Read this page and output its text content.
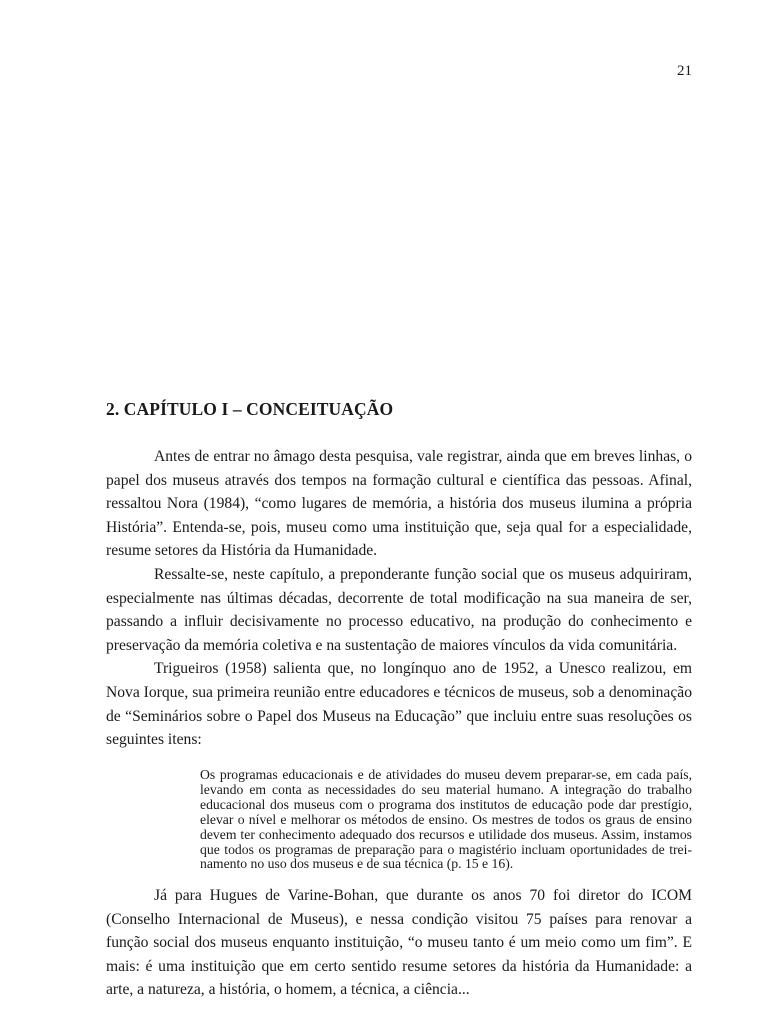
21
2. CAPÍTULO I – CONCEITUAÇÃO

Antes de entrar no âmago desta pesquisa, vale registrar, ainda que em breves linhas, o papel dos museus através dos tempos na formação cultural e científica das pessoas. Afinal, ressaltou Nora (1984), “como lugares de memória, a história dos museus ilumina a própria História”. Entenda-se, pois, museu como uma instituição que, seja qual for a especialidade, resume setores da História da Humanidade.

Ressalte-se, neste capítulo, a preponderante função social que os museus adquiriram, especialmente nas últimas décadas, decorrente de total modificação na sua maneira de ser, passando a influir decisivamente no processo educativo, na produção do conhecimento e preservação da memória coletiva e na sustentação de maiores vínculos da vida comunitária.

Trigueiros (1958) salienta que, no longínquo ano de 1952, a Unesco realizou, em Nova Iorque, sua primeira reunião entre educadores e técnicos de museus, sob a denominação de “Seminários sobre o Papel dos Museus na Educação” que incluiu entre suas resoluções os seguintes itens:

Os programas educacionais e de atividades do museu devem preparar-se, em cada país, levando em conta as necessidades do seu material humano. A integração do trabalho educacional dos museus com o programa dos institutos de educação pode dar prestígio, elevar o nível e melhorar os métodos de ensino. Os mestres de todos os graus de ensino devem ter conhecimento adequado dos recursos e utilidade dos museus. Assim, instamos que todos os programas de preparação para o magistério incluam oportunidades de treinamento no uso dos museus e de sua técnica (p. 15 e 16).

Já para Hugues de Varine-Bohan, que durante os anos 70 foi diretor do ICOM (Conselho Internacional de Museus), e nessa condição visitou 75 países para renovar a função social dos museus enquanto instituição, “o museu tanto é um meio como um fim”. E mais: é uma instituição que em certo sentido resume setores da história da Humanidade: a arte, a natureza, a história, o homem, a técnica, a ciência...
